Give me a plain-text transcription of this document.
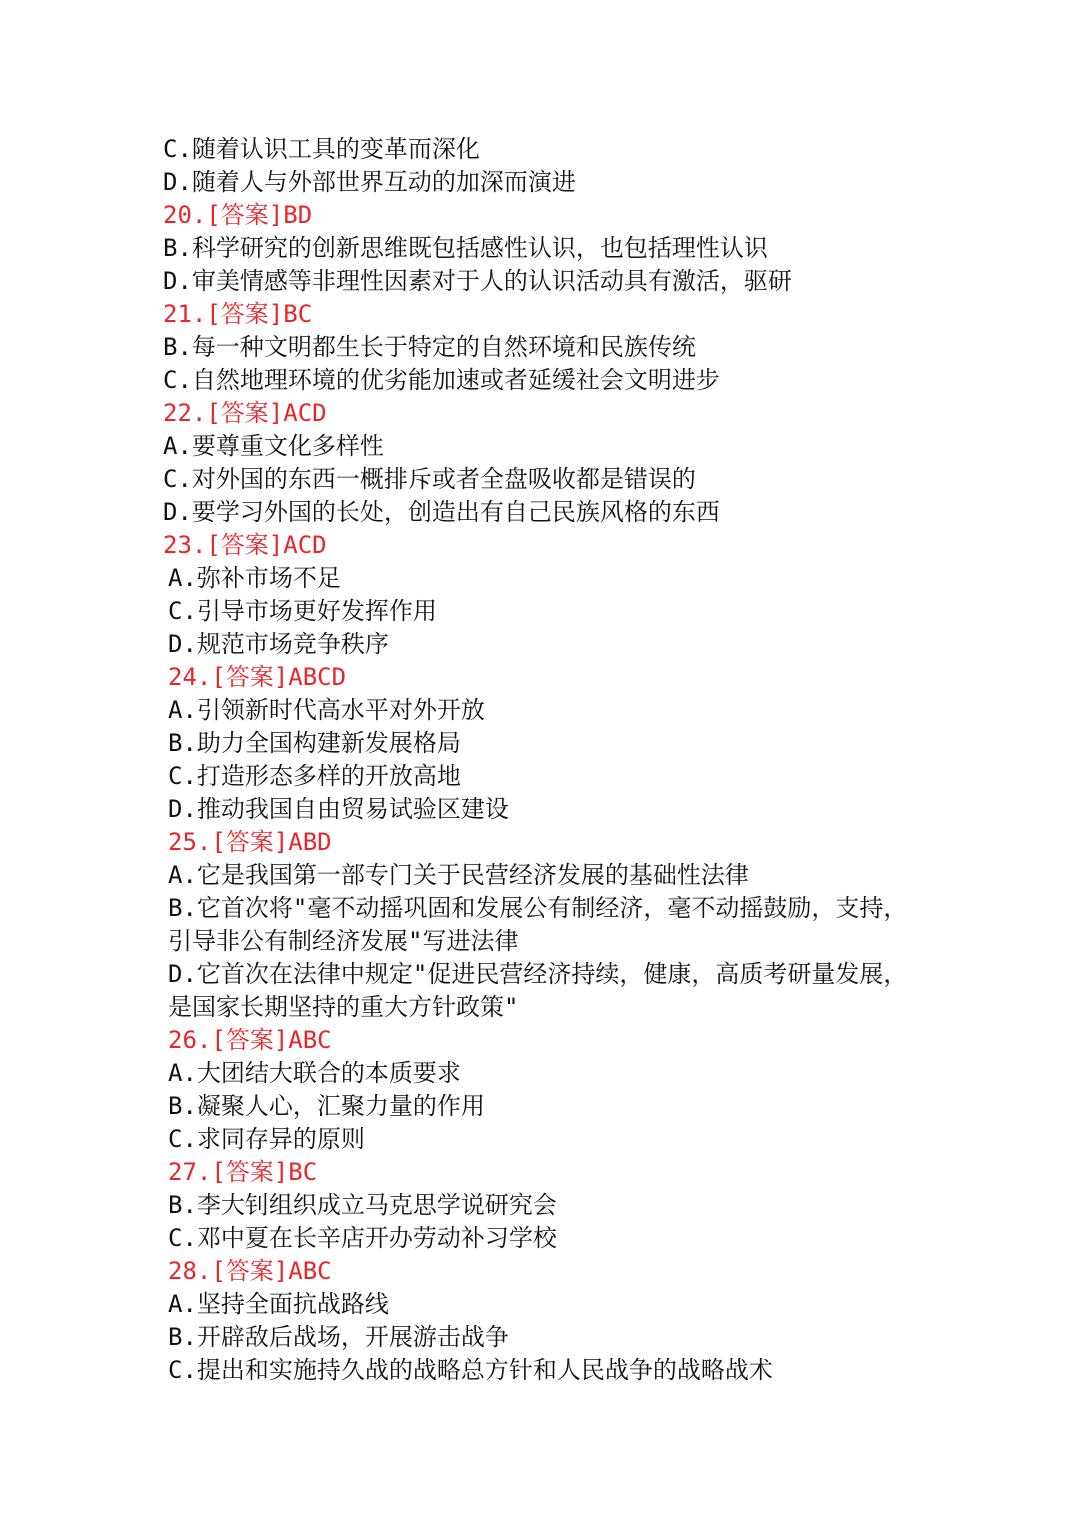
C.随着认识工具的变革而深化
D.随着人与外部世界互动的加深而演进
20.[答案]BD
B.科学研究的创新思维既包括感性认识，也包括理性认识
D.审美情感等非理性因素对于人的认识活动具有激活，驱研
21.[答案]BC
B.每一种文明都生长于特定的自然环境和民族传统
C.自然地理环境的优劣能加速或者延缓社会文明进步
22.[答案]ACD
A.要尊重文化多样性
C.对外国的东西一概排斥或者全盘吸收都是错误的
D.要学习外国的长处，创造出有自己民族风格的东西
23.[答案]ACD
A.弥补市场不足
C.引导市场更好发挥作用
D.规范市场竞争秩序
24.[答案]ABCD
A.引领新时代高水平对外开放
B.助力全国构建新发展格局
C.打造形态多样的开放高地
D.推动我国自由贸易试验区建设
25.[答案]ABD
A.它是我国第一部专门关于民营经济发展的基础性法律
B.它首次将"毫不动摇巩固和发展公有制经济，毫不动摇鼓励，支持，引导非公有制经济发展"写进法律
D.它首次在法律中规定"促进民营经济持续，健康，高质考研量发展，是国家长期坚持的重大方针政策"
26.[答案]ABC
A.大团结大联合的本质要求
B.凝聚人心，汇聚力量的作用
C.求同存异的原则
27.[答案]BC
B.李大钊组织成立马克思学说研究会
C.邓中夏在长辛店开办劳动补习学校
28.[答案]ABC
A.坚持全面抗战路线
B.开辟敌后战场，开展游击战争
C.提出和实施持久战的战略总方针和人民战争的战略战术
